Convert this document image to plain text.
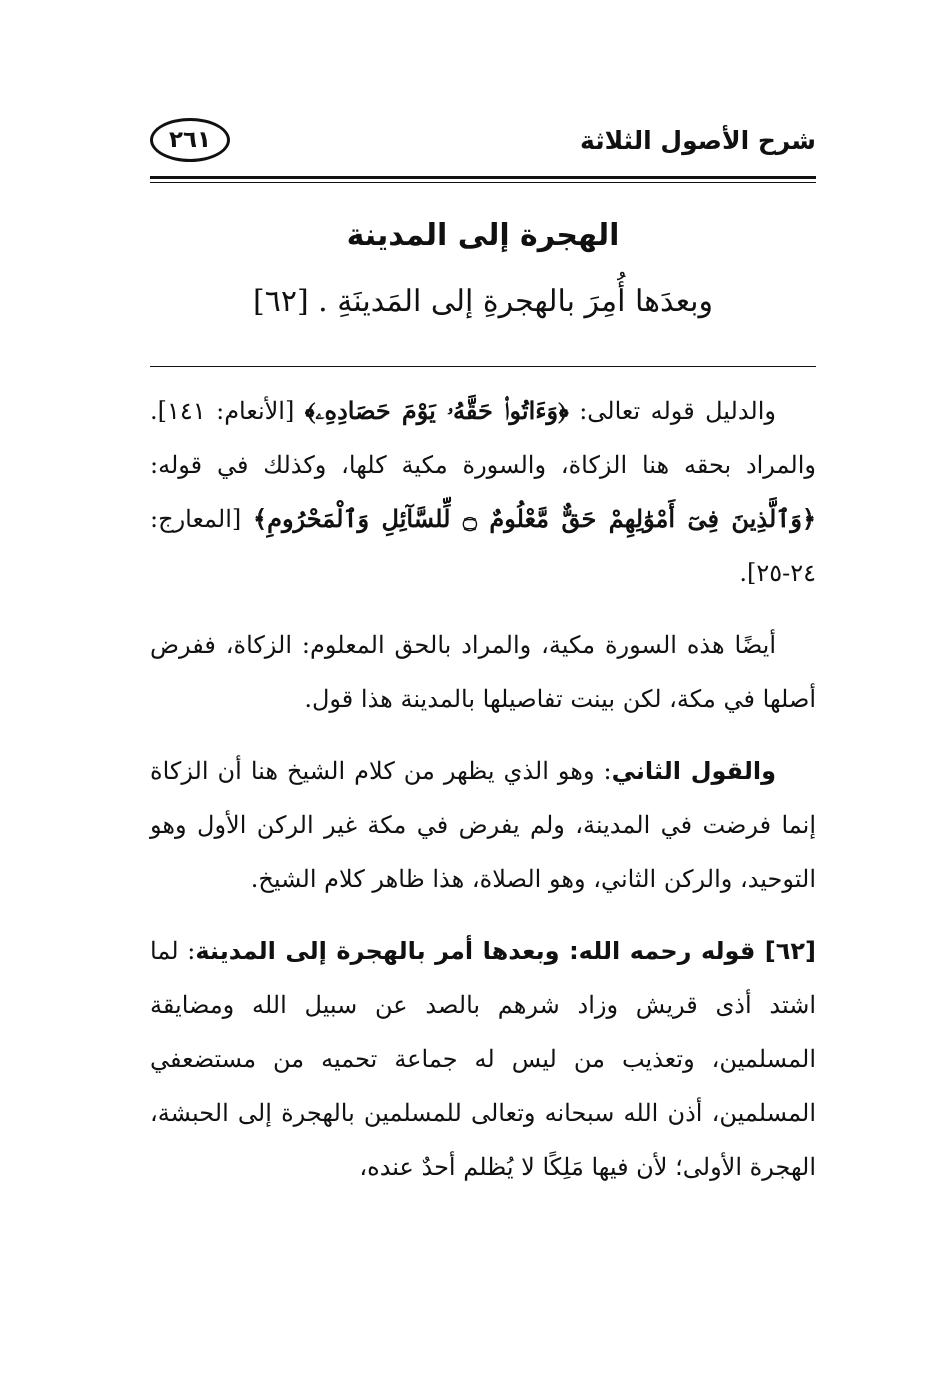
شرح الأصول الثلاثة
٢٦١
الهجرة إلى المدينة
وبعدَها أُمِرَ بالهجرةِ إلى المَدينَةِ . [٦٢]

والدليل قوله تعالى: ﴿وَءَاتُوا۟ حَقَّهُۥ يَوْمَ حَصَادِهِۦ﴾ [الأنعام: ١٤١]. والمراد بحقه هنا الزكاة، والسورة مكية كلها، وكذلك في قوله: ﴿وَٱلَّذِينَ فِىٓ أَمْوَٰلِهِمْ حَقٌّ مَّعْلُومٌ ۝ لِّلسَّآئِلِ وَٱلْمَحْرُومِ﴾ [المعارج: ٢٤-٢٥].

أيضًا هذه السورة مكية، والمراد بالحق المعلوم: الزكاة، ففرض أصلها في مكة، لكن بينت تفاصيلها بالمدينة هذا قول.

والقول الثاني: وهو الذي يظهر من كلام الشيخ هنا أن الزكاة إنما فرضت في المدينة، ولم يفرض في مكة غير الركن الأول وهو التوحيد، والركن الثاني، وهو الصلاة، هذا ظاهر كلام الشيخ.

[٦٢] قوله رحمه الله: وبعدها أمر بالهجرة إلى المدينة: لما اشتد أذى قريش وزاد شرهم بالصد عن سبيل الله ومضايقة المسلمين، وتعذيب من ليس له جماعة تحميه من مستضعفي المسلمين، أذن الله سبحانه وتعالى للمسلمين بالهجرة إلى الحبشة، الهجرة الأولى؛ لأن فيها مَلِكًا لا يُظلم أحدٌ عنده،
